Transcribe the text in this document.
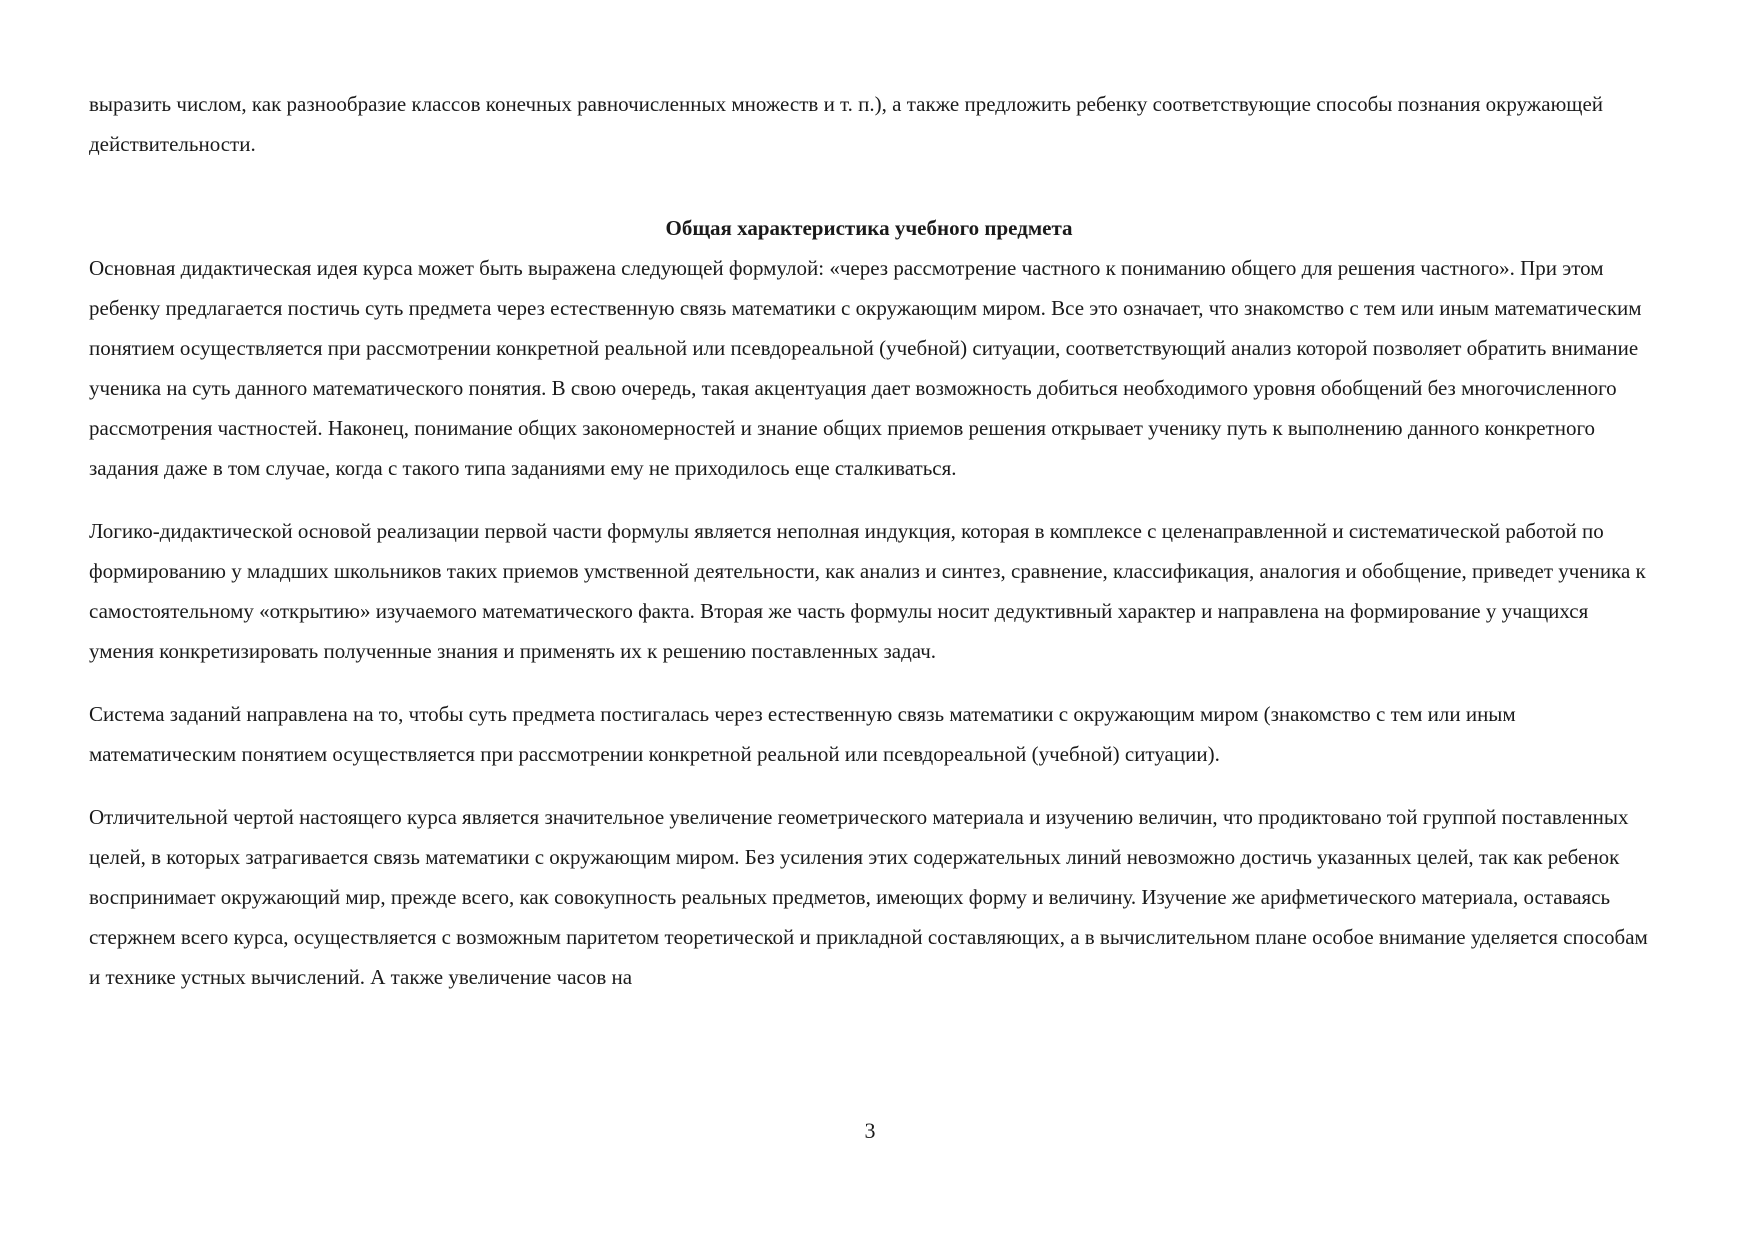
выразить числом, как разнообразие классов конечных равночисленных множеств и т. п.), а также предложить ребенку соответствующие способы познания окружающей действительности.

Общая характеристика учебного предмета

Основная дидактическая идея курса может быть выражена следующей формулой: «через рассмотрение частного к пониманию общего для решения частного». При этом ребенку предлагается постичь суть предмета через естественную связь математики с окружающим миром. Все это означает, что знакомство с тем или иным математическим понятием осуществляется при рассмотрении конкретной реальной или псевдореальной (учебной) ситуации, соответствующий анализ которой позволяет обратить внимание ученика на суть данного математического понятия. В свою очередь, такая акцентуация дает возможность добиться необходимого уровня обобщений без многочисленного рассмотрения частностей. Наконец, понимание общих закономерностей и знание общих приемов решения открывает ученику путь к выполнению данного конкретного задания даже в том случае, когда с такого типа заданиями ему не приходилось еще сталкиваться.

Логико-дидактической основой реализации первой части формулы является неполная индукция, которая в комплексе с целенаправленной и систематической работой по формированию у младших школьников таких приемов умственной деятельности, как анализ и синтез, сравнение, классификация, аналогия и обобщение, приведет ученика к самостоятельному «открытию» изучаемого математического факта. Вторая же часть формулы носит дедуктивный характер и направлена на формирование у учащихся умения конкретизировать полученные знания и применять их к решению поставленных задач.

Система заданий направлена на то, чтобы суть предмета постигалась через естественную связь математики с окружающим миром (знакомство с тем или иным математическим понятием осуществляется при рассмотрении конкретной реальной или псевдореальной (учебной) ситуации).

Отличительной чертой настоящего курса является значительное увеличение геометрического материала и изучению величин, что продиктовано той группой поставленных целей, в которых затрагивается связь математики с окружающим миром. Без усиления этих содержательных линий невозможно достичь указанных целей, так как ребенок воспринимает окружающий мир, прежде всего, как совокупность реальных предметов, имеющих форму и величину. Изучение же арифметического материала, оставаясь стержнем всего курса, осуществляется с возможным паритетом теоретической и прикладной составляющих, а в вычислительном плане особое внимание уделяется способам и технике устных вычислений. А также увеличение часов на

3
